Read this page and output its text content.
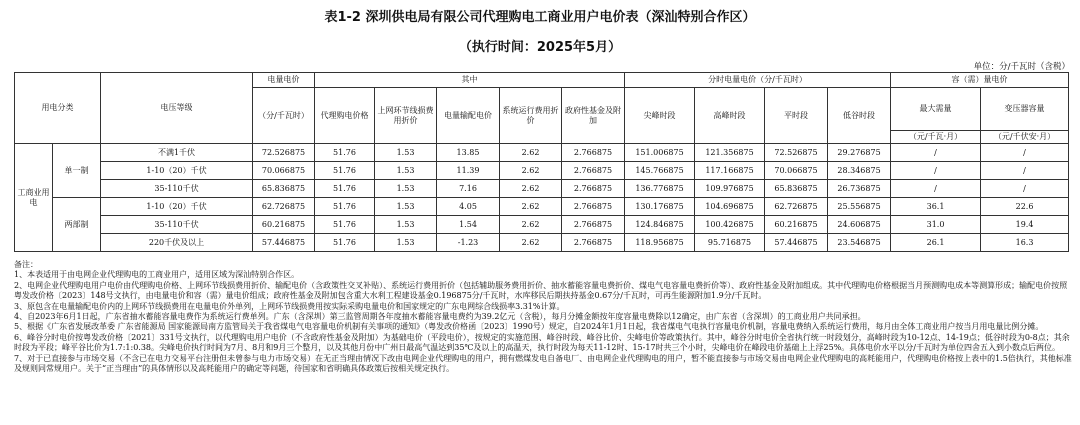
表1-2 深圳供电局有限公司代理购电工商业用户电价表（深汕特别合作区）
（执行时间：2025年5月）
单位：分/千瓦时（含税）
用电分类		电压等级	电量电价	其中					分时电量电价（分/千瓦时）				容（需）量电价	
			（分/千瓦时）	代理购电价格	上网环节线损费用折价	电量输配电价	系统运行费用折价	政府性基金及附加	尖峰时段	高峰时段	平时段	低谷时段	最大需量	变压器容量
													（元/千瓦·月）	（元/千伏安·月）
工商业用电	单一制	不满1千伏	72.526875	51.76	1.53	13.85	2.62	2.766875	151.006875	121.356875	72.526875	29.276875	/	/
		1-10（20）千伏	70.066875	51.76	1.53	11.39	2.62	2.766875	145.766875	117.166875	70.066875	28.346875	/	/
		35-110千伏	65.836875	51.76	1.53	7.16	2.62	2.766875	136.776875	109.976875	65.836875	26.736875	/	/
	两部制	1-10（20）千伏	62.726875	51.76	1.53	4.05	2.62	2.766875	130.176875	104.696875	62.726875	25.556875	36.1	22.6
		35-110千伏	60.216875	51.76	1.53	1.54	2.62	2.766875	124.846875	100.426875	60.216875	24.606875	31.0	19.4
		220千伏及以上	57.446875	51.76	1.53	-1.23	2.62	2.766875	118.956875	95.716875	57.446875	23.546875	26.1	16.3

备注：

1、本表适用于由电网企业代理购电的工商业用户，适用区域为深汕特别合作区。

2、电网企业代理购电用户电价由代理购电价格、上网环节线损费用折价、输配电价（含政策性交叉补贴）、系统运行费用折价（包括辅助服务费用折价、抽水蓄能容量电费折价、煤电气电容量电费折价等）、政府性基金及附加组成。其中代理购电价格根据当月预测购电成本等测算形成；输配电价按照粤发改价格〔2023〕148号文执行，由电量电价和容（需）量电价组成；政府性基金及附加包含重大水利工程建设基金0.196875分/千瓦时，水库移民后期扶持基金0.67分/千瓦时，可再生能源附加1.9分/千瓦时。

3、原包含在电量输配电价内的上网环节线损费用在电量电价外单列，上网环节线损费用按实际采购电量电价和国家规定的广东电网综合线损率3.31%计算。

4、自2023年6月1日起，广东省抽水蓄能容量电费作为系统运行费单列。广东（含深圳）第三监管周期各年度抽水蓄能容量电费约为39.2亿元（含税），每月分摊金额按年度容量电费除以12确定，由广东省（含深圳）的工商业用户共同承担。

5、根据《广东省发展改革委 广东省能源局 国家能源局南方监管局关于我省煤电气电容量电价机制有关事项的通知》（粤发改价格函〔2023〕1990号）规定，自2024年1月1日起，我省煤电气电执行容量电价机制，容量电费纳入系统运行费用，每月由全体工商业用户按当月用电量比例分摊。

6、峰谷分时电价按粤发改价格〔2021〕331号文执行，以代理购电用户电价（不含政府性基金及附加）为基础电价（平段电价），按规定的实施范围、峰谷时段、峰谷比价、尖峰电价等政策执行。其中，峰谷分时电价全省执行统一时段划分，高峰时段为10-12点、14-19点；低谷时段为0-8点；其余时段为平段；峰平谷比价为1.7:1:0.38。尖峰电价执行时间为7月、8月和9月三个整月，以及其他月份中广州日最高气温达到35℃及以上的高温天，执行时段为每天11-12时、15-17时共三个小时，尖峰电价在峰段电价基础上上浮25%。具体电价水平以分/千瓦时为单位四舍五入到小数点后两位。

7、对于已直接参与市场交易（不含已在电力交易平台注册但未曾参与电力市场交易）在无正当理由情况下改由电网企业代理购电的用户，拥有燃煤发电自备电厂、由电网企业代理购电的用户，暂不能直接参与市场交易由电网企业代理购电的高耗能用户，代理购电价格按上表中的1.5倍执行，其他标准及规则同常规用户。关于“正当理由”的具体情形以及高耗能用户的确定等问题，待国家和省明确具体政策后按相关规定执行。
